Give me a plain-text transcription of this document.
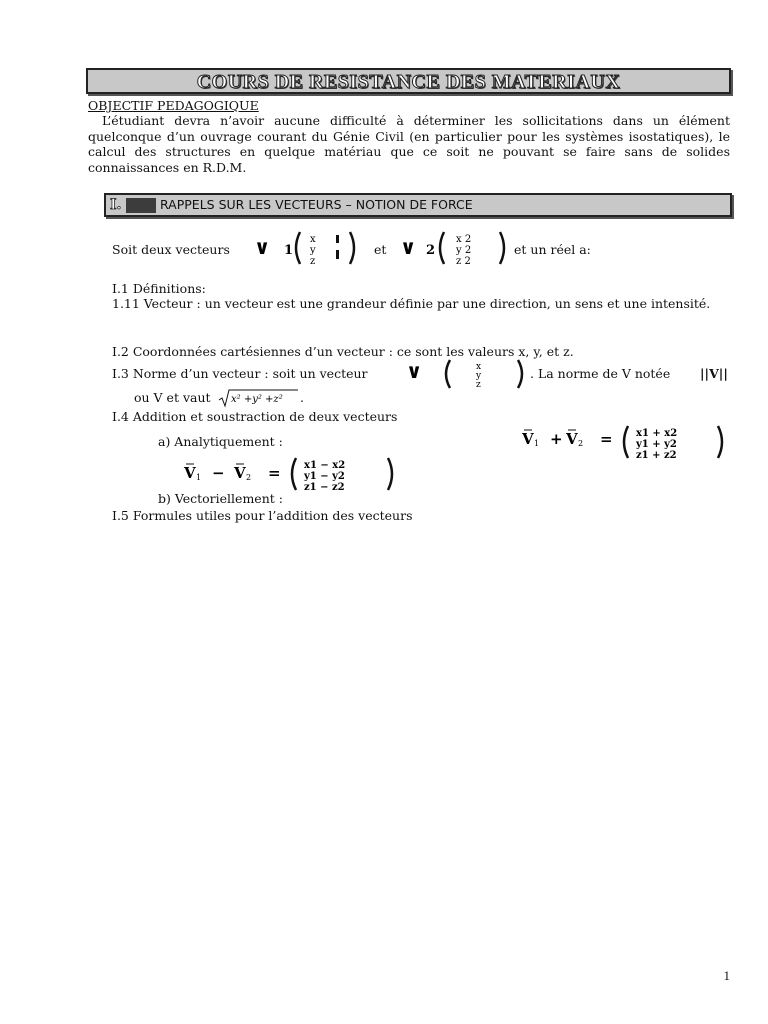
COURS DE RESISTANCE DES MATERIAUX
OBJECTIF PEDAGOGIQUE
L’étudiant devra n’avoir aucune difficulté à déterminer les sollicitations dans un élément quelconque d’un ouvrage courant du Génie Civil (en particulier pour les systèmes isostatiques), le calcul des structures en quelque matériau que ce soit ne pouvant se faire sans de solides connaissances en R.D.M.
I.	RAPPELS SUR LES VECTEURS – NOTION DE FORCE
Soit deux vecteurs ∨ 1
x
y
z
et ∨ 2
x 2
y 2
z 2
et un réel a:
I.1 Définitions:
1.11 Vecteur : un vecteur est une grandeur définie par une direction, un sens et une intensité.
I.2 Coordonnées cartésiennes d’un vecteur : ce sont les valeurs x, y, et z.
I.3 Norme d’un vecteur : soit un vecteur ∨	x
y
z
. La norme de V notée ||V||
ou V et vaut x² +y² +z² .
I.4 Addition et soustraction de deux vecteurs
a) Analytiquement :	V 1 + V 2 = x1 + x2
y1 + y2
z1 + z2
V 1 − V 2 = x1 − x2
y1 − y2
z1 − z2
b) Vectoriellement :
I.5 Formules utiles pour l’addition des vecteurs
1
